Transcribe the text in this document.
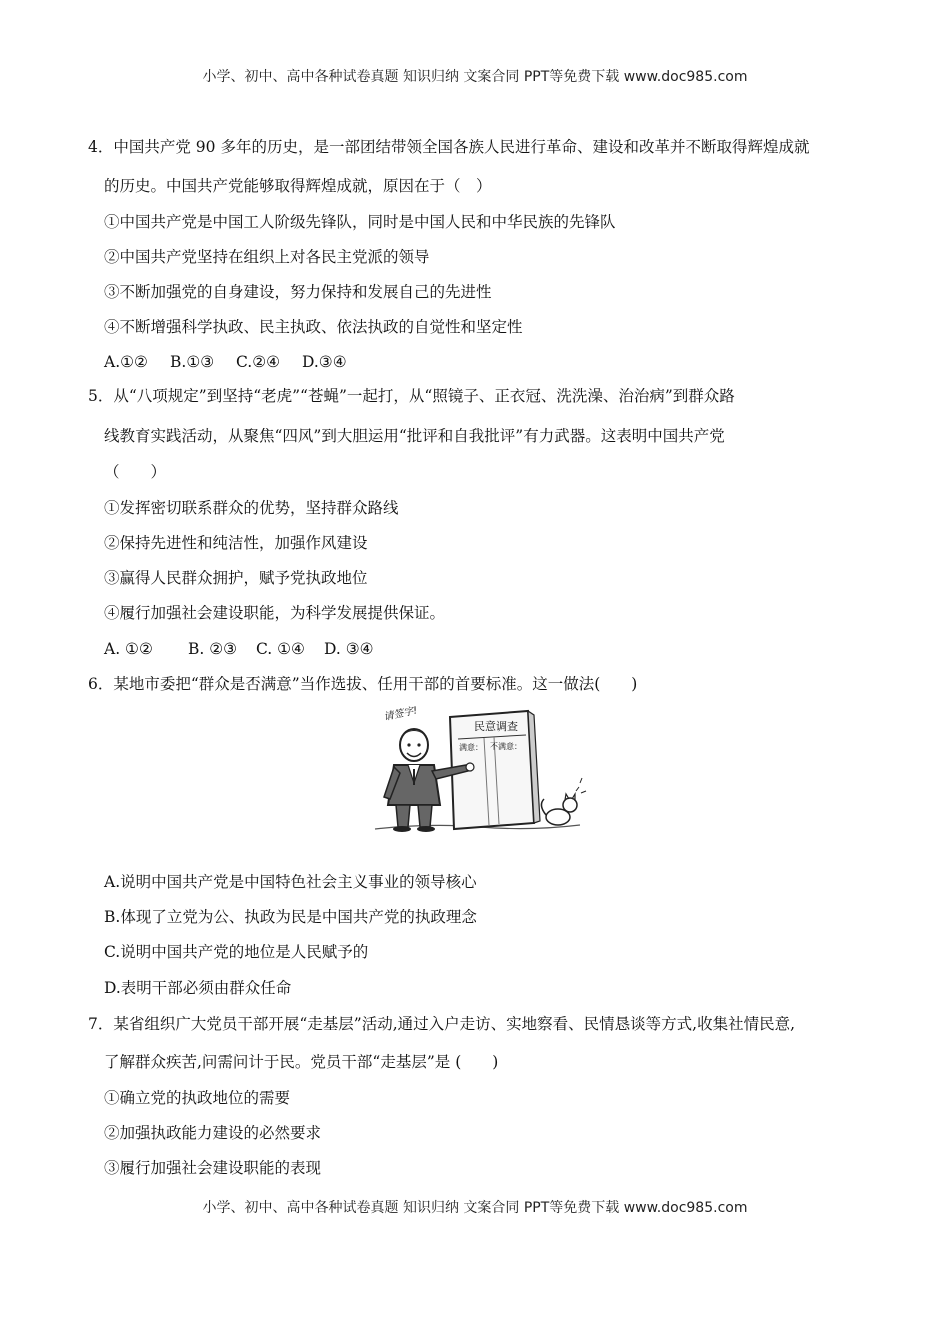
小学、初中、高中各种试卷真题 知识归纳 文案合同 PPT等免费下载 www.doc985.com
4．中国共产党 90 多年的历史，是一部团结带领全国各族人民进行革命、建设和改革并不断取得辉煌成就
的历史。中国共产党能够取得辉煌成就，原因在于（　）
①中国共产党是中国工人阶级先锋队，同时是中国人民和中华民族的先锋队
②中国共产党坚持在组织上对各民主党派的领导
③不断加强党的自身建设，努力保持和发展自己的先进性
④不断增强科学执政、民主执政、依法执政的自觉性和坚定性
A.①② B.①③ C.②④ D.③④
5．从“八项规定”到坚持“老虎”“苍蝇”一起打，从“照镜子、正衣冠、洗洗澡、治治病”到群众路
线教育实践活动，从聚焦“四风”到大胆运用“批评和自我批评”有力武器。这表明中国共产党
（　　）
①发挥密切联系群众的优势，坚持群众路线
②保持先进性和纯洁性，加强作风建设
③赢得人民群众拥护，赋予党执政地位
④履行加强社会建设职能，为科学发展提供保证。
A. ①② B. ②③ C. ①④ D. ③④
6．某地市委把“群众是否满意”当作选拔、任用干部的首要标准。这一做法(　　)
民意调查
满意： 不满意：
请签字!
A.说明中国共产党是中国特色社会主义事业的领导核心
B.体现了立党为公、执政为民是中国共产党的执政理念
C.说明中国共产党的地位是人民赋予的
D.表明干部必须由群众任命
7．某省组织广大党员干部开展“走基层”活动,通过入户走访、实地察看、民情恳谈等方式,收集社情民意,
了解群众疾苦,问需问计于民。党员干部“走基层”是 (　　)
①确立党的执政地位的需要
②加强执政能力建设的必然要求
③履行加强社会建设职能的表现
小学、初中、高中各种试卷真题 知识归纳 文案合同 PPT等免费下载 www.doc985.com
